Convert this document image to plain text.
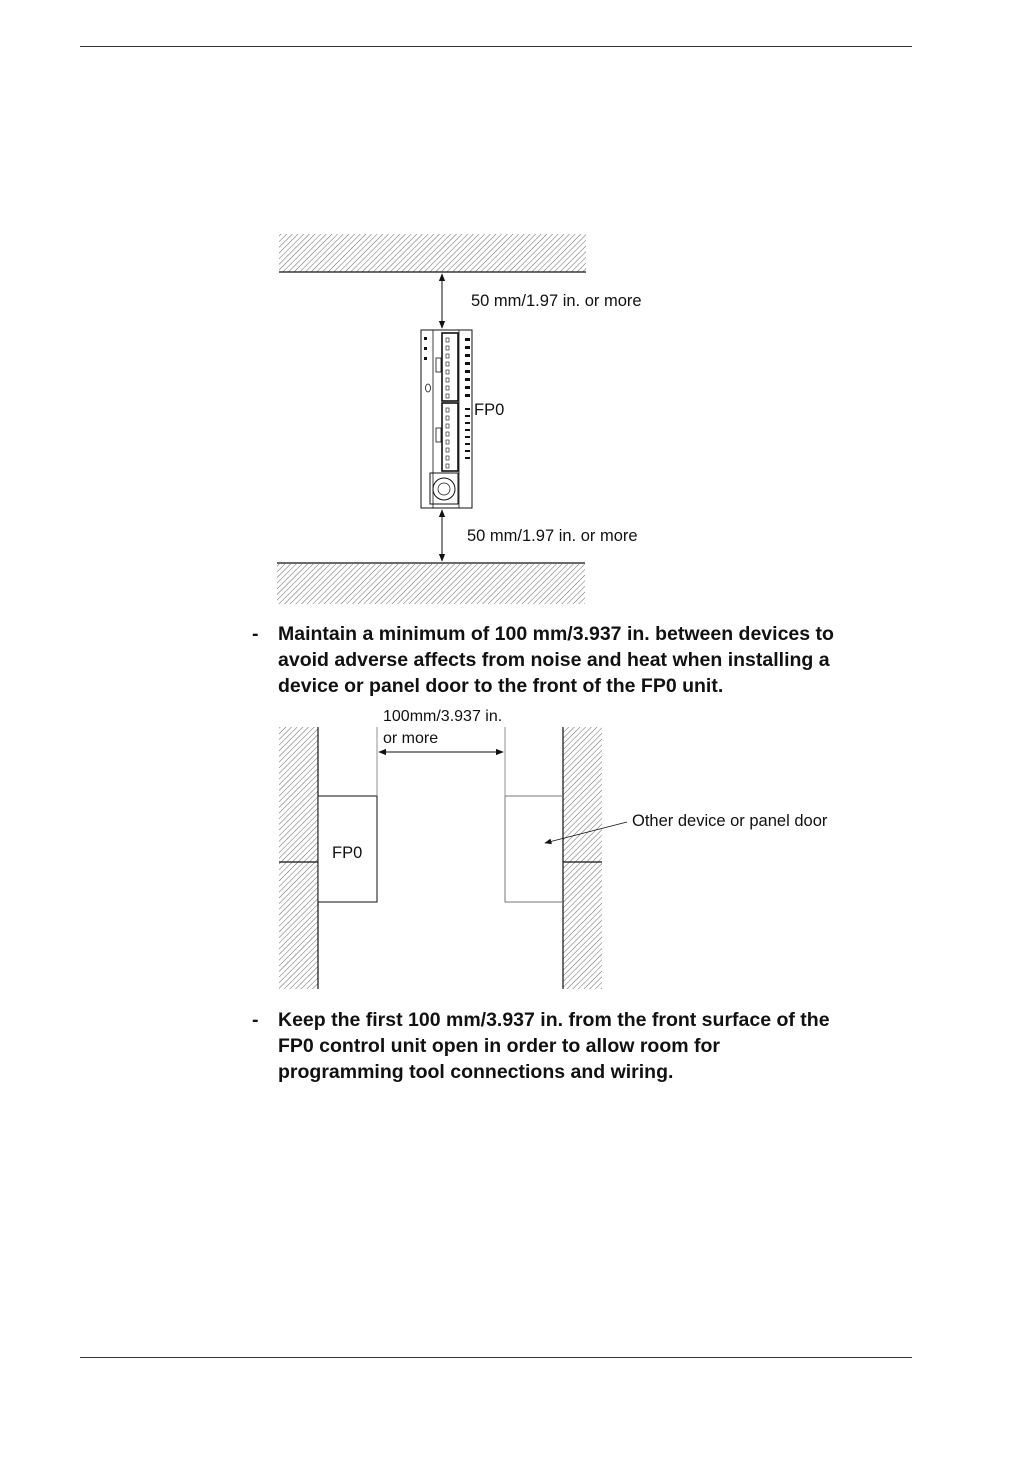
50 mm/1.97 in. or more
FP0
50 mm/1.97 in. or more
100mm/3.937 in.
or more
FP0
Other device or panel door
- Maintain a minimum of 100 mm/3.937 in. between devices to
avoid adverse affects from noise and heat when installing a
device or panel door to the front of the FP0 unit.
- Keep the first 100 mm/3.937 in. from the front surface of the
FP0 control unit open in order to allow room for
programming tool connections and wiring.
